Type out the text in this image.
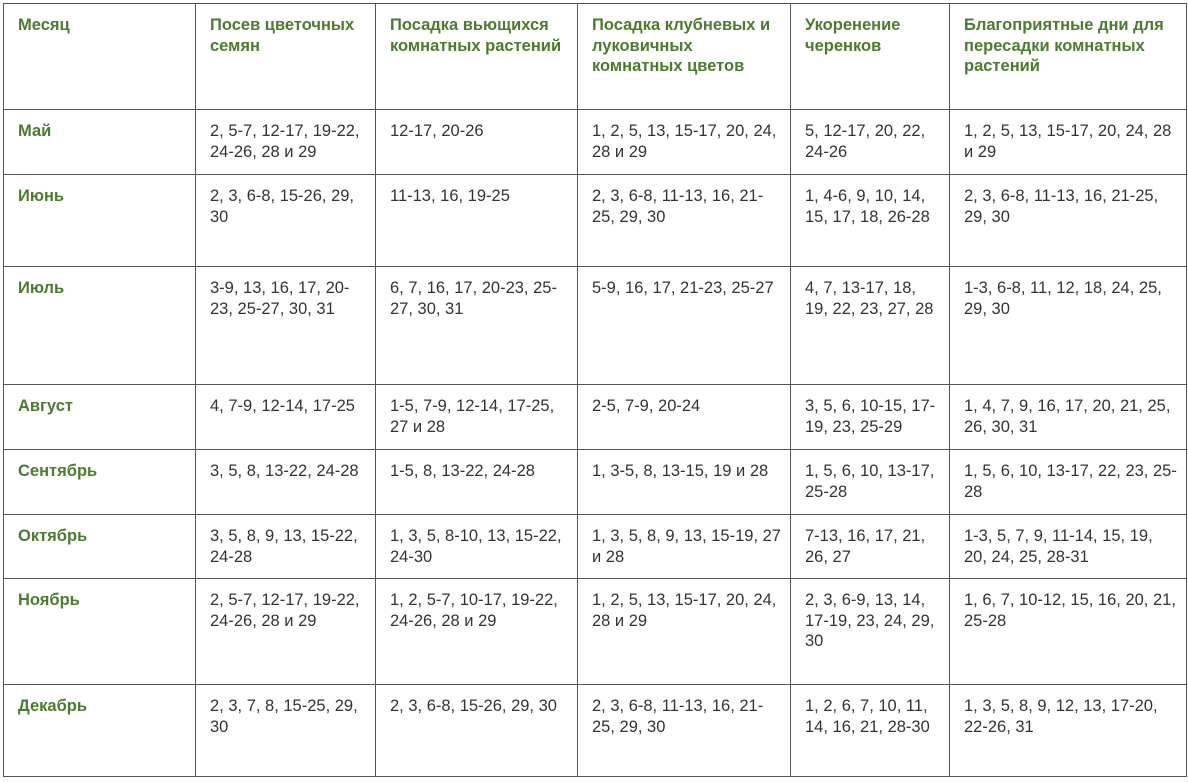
Месяц	Посев цветочных семян	Посадка вьющихся комнатных растений	Посадка клубневых и луковичных комнатных цветов	Укоренение черенков	Благоприятные дни для пересадки комнатных растений
Май	2, 5-7, 12-17, 19-22, 24-26, 28 и 29	12-17, 20-26	1, 2, 5, 13, 15-17, 20, 24, 28 и 29	5, 12-17, 20, 22, 24-26	1, 2, 5, 13, 15-17, 20, 24, 28 и 29
Июнь	2, 3, 6-8, 15-26, 29, 30	11-13, 16, 19-25	2, 3, 6-8, 11-13, 16, 21-25, 29, 30	1, 4-6, 9, 10, 14, 15, 17, 18, 26-28	2, 3, 6-8, 11-13, 16, 21-25, 29, 30
Июль	3-9, 13, 16, 17, 20-23, 25-27, 30, 31	6, 7, 16, 17, 20-23, 25-27, 30, 31	5-9, 16, 17, 21-23, 25-27	4, 7, 13-17, 18, 19, 22, 23, 27, 28	1-3, 6-8, 11, 12, 18, 24, 25, 29, 30
Август	4, 7-9, 12-14, 17-25	1-5, 7-9, 12-14, 17-25, 27 и 28	2-5, 7-9, 20-24	3, 5, 6, 10-15, 17-19, 23, 25-29	1, 4, 7, 9, 16, 17, 20, 21, 25, 26, 30, 31
Сентябрь	3, 5, 8, 13-22, 24-28	1-5, 8, 13-22, 24-28	1, 3-5, 8, 13-15, 19 и 28	1, 5, 6, 10, 13-17, 25-28	1, 5, 6, 10, 13-17, 22, 23, 25-28
Октябрь	3, 5, 8, 9, 13, 15-22, 24-28	1, 3, 5, 8-10, 13, 15-22, 24-30	1, 3, 5, 8, 9, 13, 15-19, 27 и 28	7-13, 16, 17, 21, 26, 27	1-3, 5, 7, 9, 11-14, 15, 19, 20, 24, 25, 28-31
Ноябрь	2, 5-7, 12-17, 19-22, 24-26, 28 и 29	1, 2, 5-7, 10-17, 19-22, 24-26, 28 и 29	1, 2, 5, 13, 15-17, 20, 24, 28 и 29	2, 3, 6-9, 13, 14, 17-19, 23, 24, 29, 30	1, 6, 7, 10-12, 15, 16, 20, 21, 25-28
Декабрь	2, 3, 7, 8, 15-25, 29, 30	2, 3, 6-8, 15-26, 29, 30	2, 3, 6-8, 11-13, 16, 21-25, 29, 30	1, 2, 6, 7, 10, 11, 14, 16, 21, 28-30	1, 3, 5, 8, 9, 12, 13, 17-20, 22-26, 31
